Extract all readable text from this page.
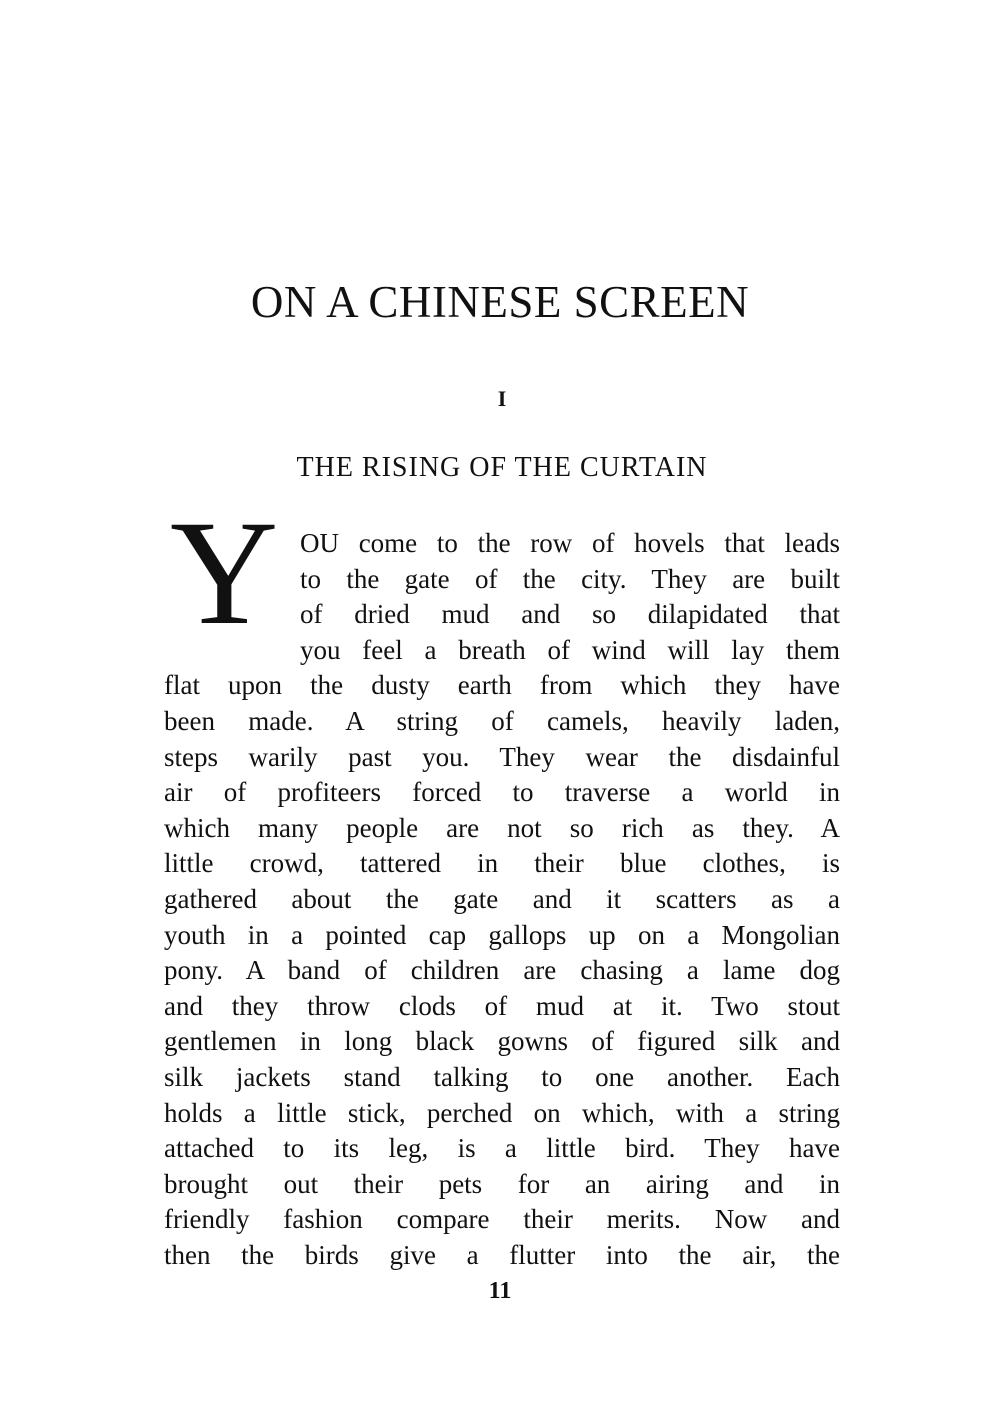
ON A CHINESE SCREEN
I
THE RISING OF THE CURTAIN
Y OU come to the row of hovels that leads
to the gate of the city. They are built
of dried mud and so dilapidated that
you feel a breath of wind will lay them
flat upon the dusty earth from which they have
been made. A string of camels, heavily laden,
steps warily past you. They wear the disdainful
air of profiteers forced to traverse a world in
which many people are not so rich as they. A
little crowd, tattered in their blue clothes, is
gathered about the gate and it scatters as a
youth in a pointed cap gallops up on a Mongolian
pony. A band of children are chasing a lame dog
and they throw clods of mud at it. Two stout
gentlemen in long black gowns of figured silk and
silk jackets stand talking to one another. Each
holds a little stick, perched on which, with a string
attached to its leg, is a little bird. They have
brought out their pets for an airing and in
friendly fashion compare their merits. Now and
then the birds give a flutter into the air, the
11
